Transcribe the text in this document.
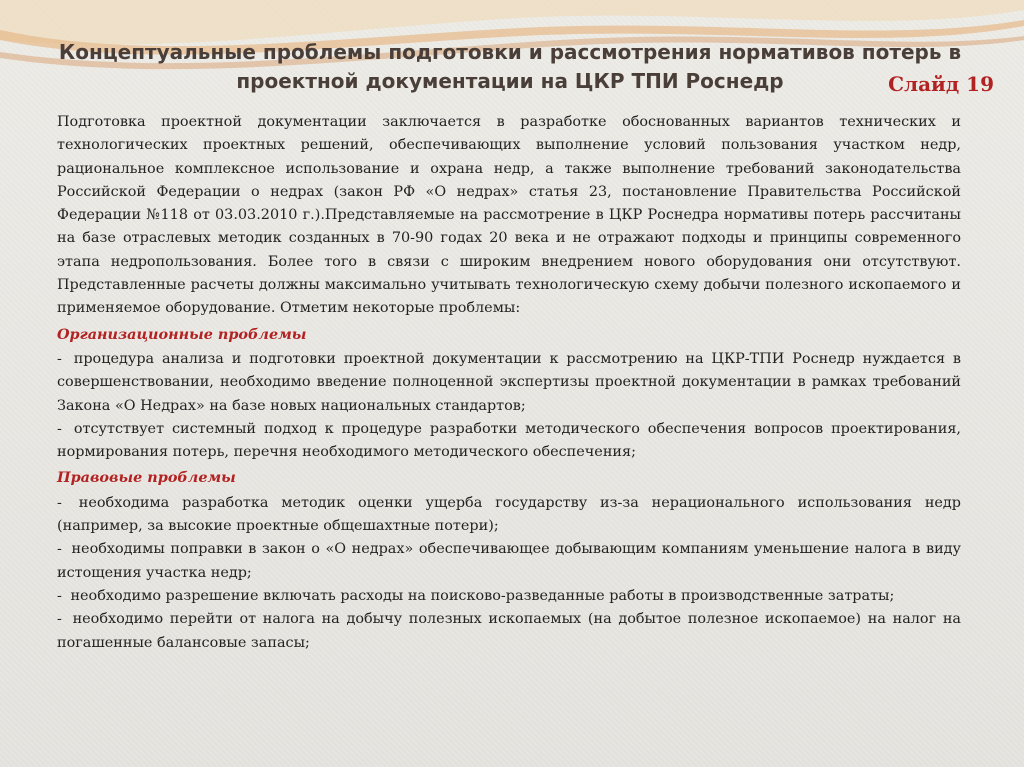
Концептуальные проблемы подготовки и рассмотрения нормативов потерь в
проектной документации на ЦКР ТПИ Роснедр	Слайд 19

Подготовка проектной документации заключается в разработке обоснованных вариантов технических и технологических проектных решений, обеспечивающих выполнение условий пользования участком недр, рациональное комплексное использование и охрана недр, а также выполнение требований законодательства Российской Федерации о недрах (закон РФ «О недрах» статья 23, постановление Правительства Российской Федерации №118 от 03.03.2010 г.).Представляемые на рассмотрение в ЦКР Роснедра нормативы потерь рассчитаны на базе отраслевых методик созданных в 70-90 годах 20 века и не отражают подходы и принципы современного этапа недропользования. Более того в связи с широким внедрением нового оборудования они отсутствуют. Представленные расчеты должны максимально учитывать технологическую схему добычи полезного ископаемого и применяемое оборудование. Отметим некоторые проблемы:

Организационные проблемы

- процедура анализа и подготовки проектной документации к рассмотрению на ЦКР-ТПИ Роснедр нуждается в совершенствовании, необходимо введение полноценной экспертизы проектной документации в рамках требований Закона «О Недрах» на базе новых национальных стандартов;

- отсутствует системный подход к процедуре разработки методического обеспечения вопросов проектирования, нормирования потерь, перечня необходимого методического обеспечения;

Правовые проблемы

- необходима разработка методик оценки ущерба государству из-за нерационального использования недр (например, за высокие проектные общешахтные потери);

- необходимы поправки в закон о «О недрах» обеспечивающее добывающим компаниям уменьшение налога в виду истощения участка недр;

- необходимо разрешение включать расходы на поисково-разведанные работы в производственные затраты;

- необходимо перейти от налога на добычу полезных ископаемых (на добытое полезное ископаемое) на налог на погашенные балансовые запасы;
